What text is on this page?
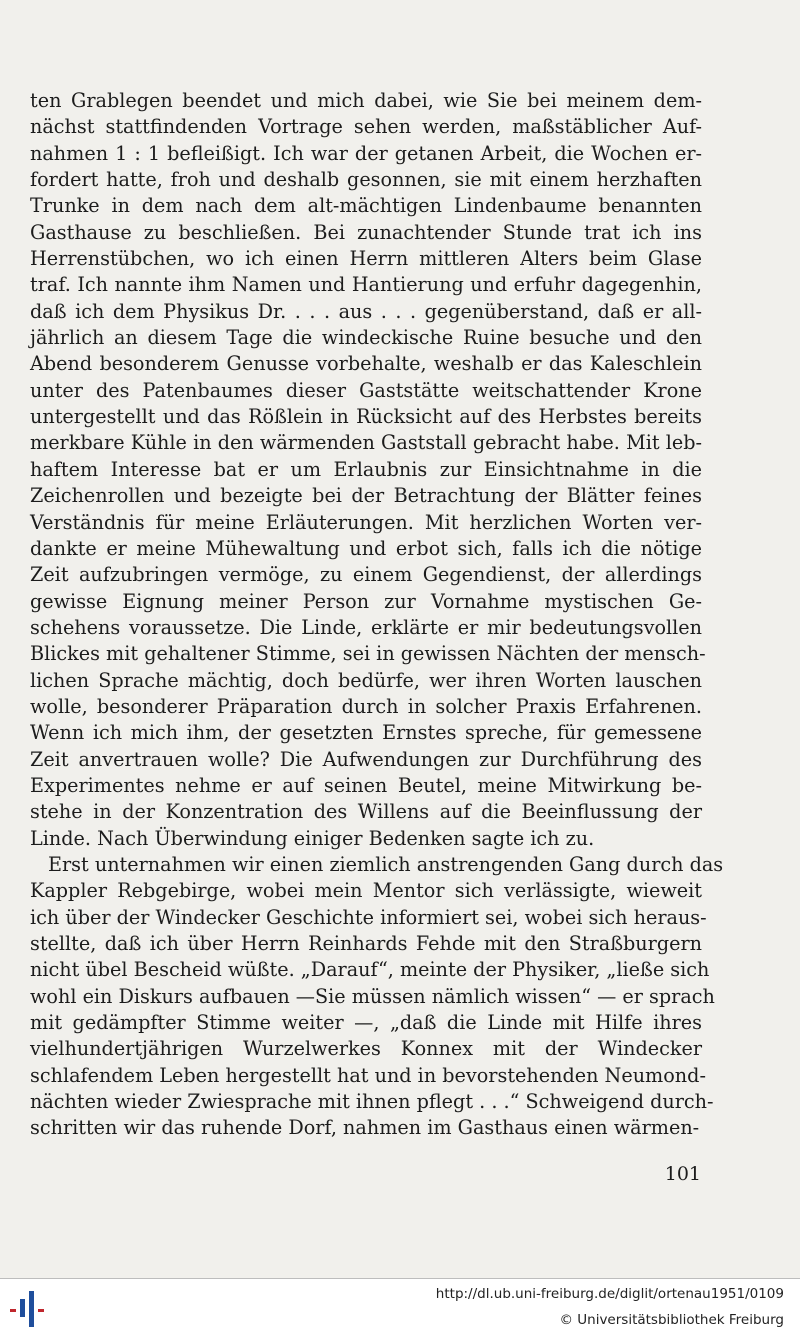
ten Grablegen beendet und mich dabei, wie Sie bei meinem dem-

nächst stattfindenden Vortrage sehen werden, maßstäblicher Auf-

nahmen 1 : 1 befleißigt. Ich war der getanen Arbeit, die Wochen er-

fordert hatte, froh und deshalb gesonnen, sie mit einem herzhaften

Trunke in dem nach dem alt-mächtigen Lindenbaume benannten

Gasthause zu beschließen. Bei zunachtender Stunde trat ich ins

Herrenstübchen, wo ich einen Herrn mittleren Alters beim Glase

traf. Ich nannte ihm Namen und Hantierung und erfuhr dagegenhin,

daß ich dem Physikus Dr. . . . aus . . . gegenüberstand, daß er all-

jährlich an diesem Tage die windeckische Ruine besuche und den

Abend besonderem Genusse vorbehalte, weshalb er das Kaleschlein

unter des Patenbaumes dieser Gaststätte weitschattender Krone

untergestellt und das Rößlein in Rücksicht auf des Herbstes bereits

merkbare Kühle in den wärmenden Gaststall gebracht habe. Mit leb-

haftem Interesse bat er um Erlaubnis zur Einsichtnahme in die

Zeichenrollen und bezeigte bei der Betrachtung der Blätter feines

Verständnis für meine Erläuterungen. Mit herzlichen Worten ver-

dankte er meine Mühewaltung und erbot sich, falls ich die nötige

Zeit aufzubringen vermöge, zu einem Gegendienst, der allerdings

gewisse Eignung meiner Person zur Vornahme mystischen Ge-

schehens voraussetze. Die Linde, erklärte er mir bedeutungsvollen

Blickes mit gehaltener Stimme, sei in gewissen Nächten der mensch-

lichen Sprache mächtig, doch bedürfe, wer ihren Worten lauschen

wolle, besonderer Präparation durch in solcher Praxis Erfahrenen.

Wenn ich mich ihm, der gesetzten Ernstes spreche, für gemessene

Zeit anvertrauen wolle? Die Aufwendungen zur Durchführung des

Experimentes nehme er auf seinen Beutel, meine Mitwirkung be-

stehe in der Konzentration des Willens auf die Beeinflussung der

Linde. Nach Überwindung einiger Bedenken sagte ich zu.

Erst unternahmen wir einen ziemlich anstrengenden Gang durch das

Kappler Rebgebirge, wobei mein Mentor sich verlässigte, wieweit

ich über der Windecker Geschichte informiert sei, wobei sich heraus-

stellte, daß ich über Herrn Reinhards Fehde mit den Straßburgern

nicht übel Bescheid wüßte. „Darauf“, meinte der Physiker, „ließe sich

wohl ein Diskurs aufbauen —Sie müssen nämlich wissen“ — er sprach

mit gedämpfter Stimme weiter —, „daß die Linde mit Hilfe ihres

vielhundertjährigen Wurzelwerkes Konnex mit der Windecker

schlafendem Leben hergestellt hat und in bevorstehenden Neumond-

nächten wieder Zwiesprache mit ihnen pflegt . . .“ Schweigend durch-

schritten wir das ruhende Dorf, nahmen im Gasthaus einen wärmen-

101
http://dl.ub.uni-freiburg.de/diglit/ortenau1951/0109
© Universitätsbibliothek Freiburg
